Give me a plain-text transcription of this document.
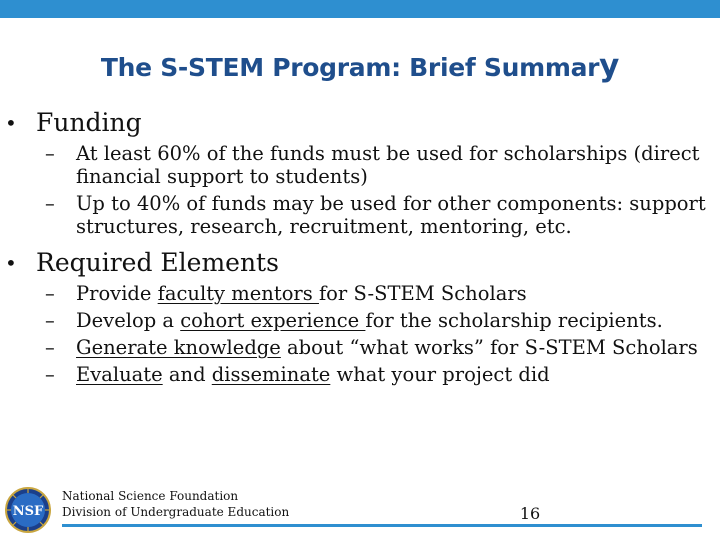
The S-STEM Program: Brief Summary
• Funding
– At least 60% of the funds must be used for scholarships (direct financial support to students)
– Up to 40% of funds may be used for other components: support structures, research, recruitment, mentoring, etc.
• Required Elements
– Provide faculty mentors for S-STEM Scholars
– Develop a cohort experience for the scholarship recipients.
– Generate knowledge about “what works” for S-STEM Scholars
– Evaluate and disseminate what your project did
NSF
National Science Foundation
Division of Undergraduate Education	16
